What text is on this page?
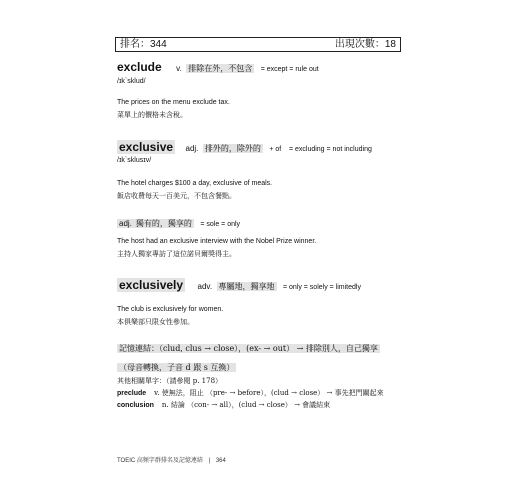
排名：344	出現次數：18
exclude v. 排除在外，不包含 = except = rule out
/ɪk`sklud/
The prices on the menu exclude tax.
菜單上的價格未含稅。
exclusive adj. 排外的，除外的 + of    = excluding = not including
/ɪk`sklusɪv/
The hotel charges $100 a day, exclusive of meals.
飯店收費每天一百美元，不包含餐點。
adj. 獨有的，獨享的 = sole = only
The host had an exclusive interview with the Nobel Prize winner.
主持人獨家專訪了這位諾貝爾獎得主。
exclusively adv. 專屬地，獨享地 = only = solely = limitedly
The club is exclusively for women.
本俱樂部只限女性參加。
記憶連結：（clud, clus → close），(ex- → out） → 排除別人，自己獨享
（母音轉換，子音 d 跟 s 互換）
其他相關單字：（請參閱 p. 178）
preclude v. 使無法，阻止 （pre- → before），(clud → close） → 事先把門關起來
conclusion n. 結論 （con- → all），(clud → close） → 會議結束
TOEIC 高頻字群排名及記憶連結 | 364
